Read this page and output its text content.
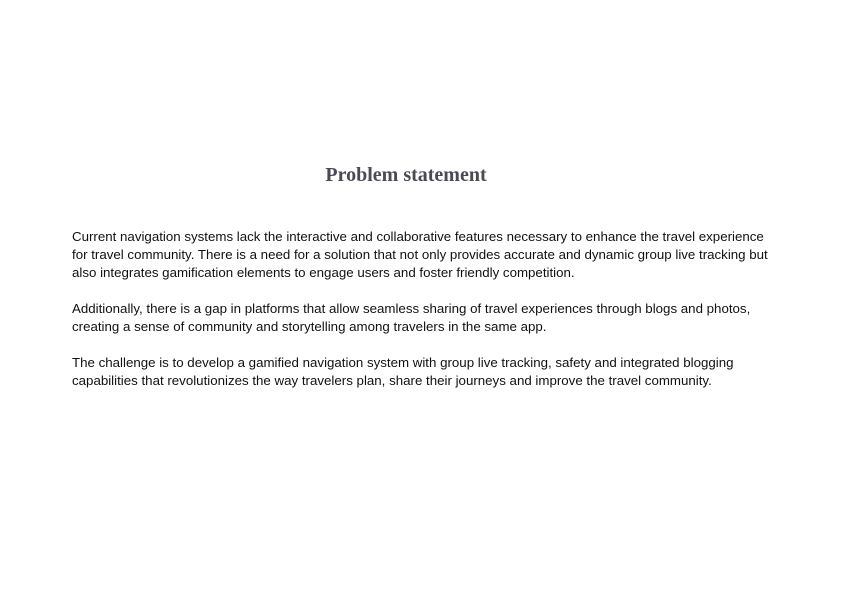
Problem statement

Current navigation systems lack the interactive and collaborative features necessary to enhance the travel experience for travel community. There is a need for a solution that not only provides accurate and dynamic group live tracking but also integrates gamification elements to engage users and foster friendly competition.

Additionally, there is a gap in platforms that allow seamless sharing of travel experiences through blogs and photos, creating a sense of community and storytelling among travelers in the same app.

The challenge is to develop a gamified navigation system with group live tracking, safety and integrated blogging capabilities that revolutionizes the way travelers plan, share their journeys and improve the travel community.
